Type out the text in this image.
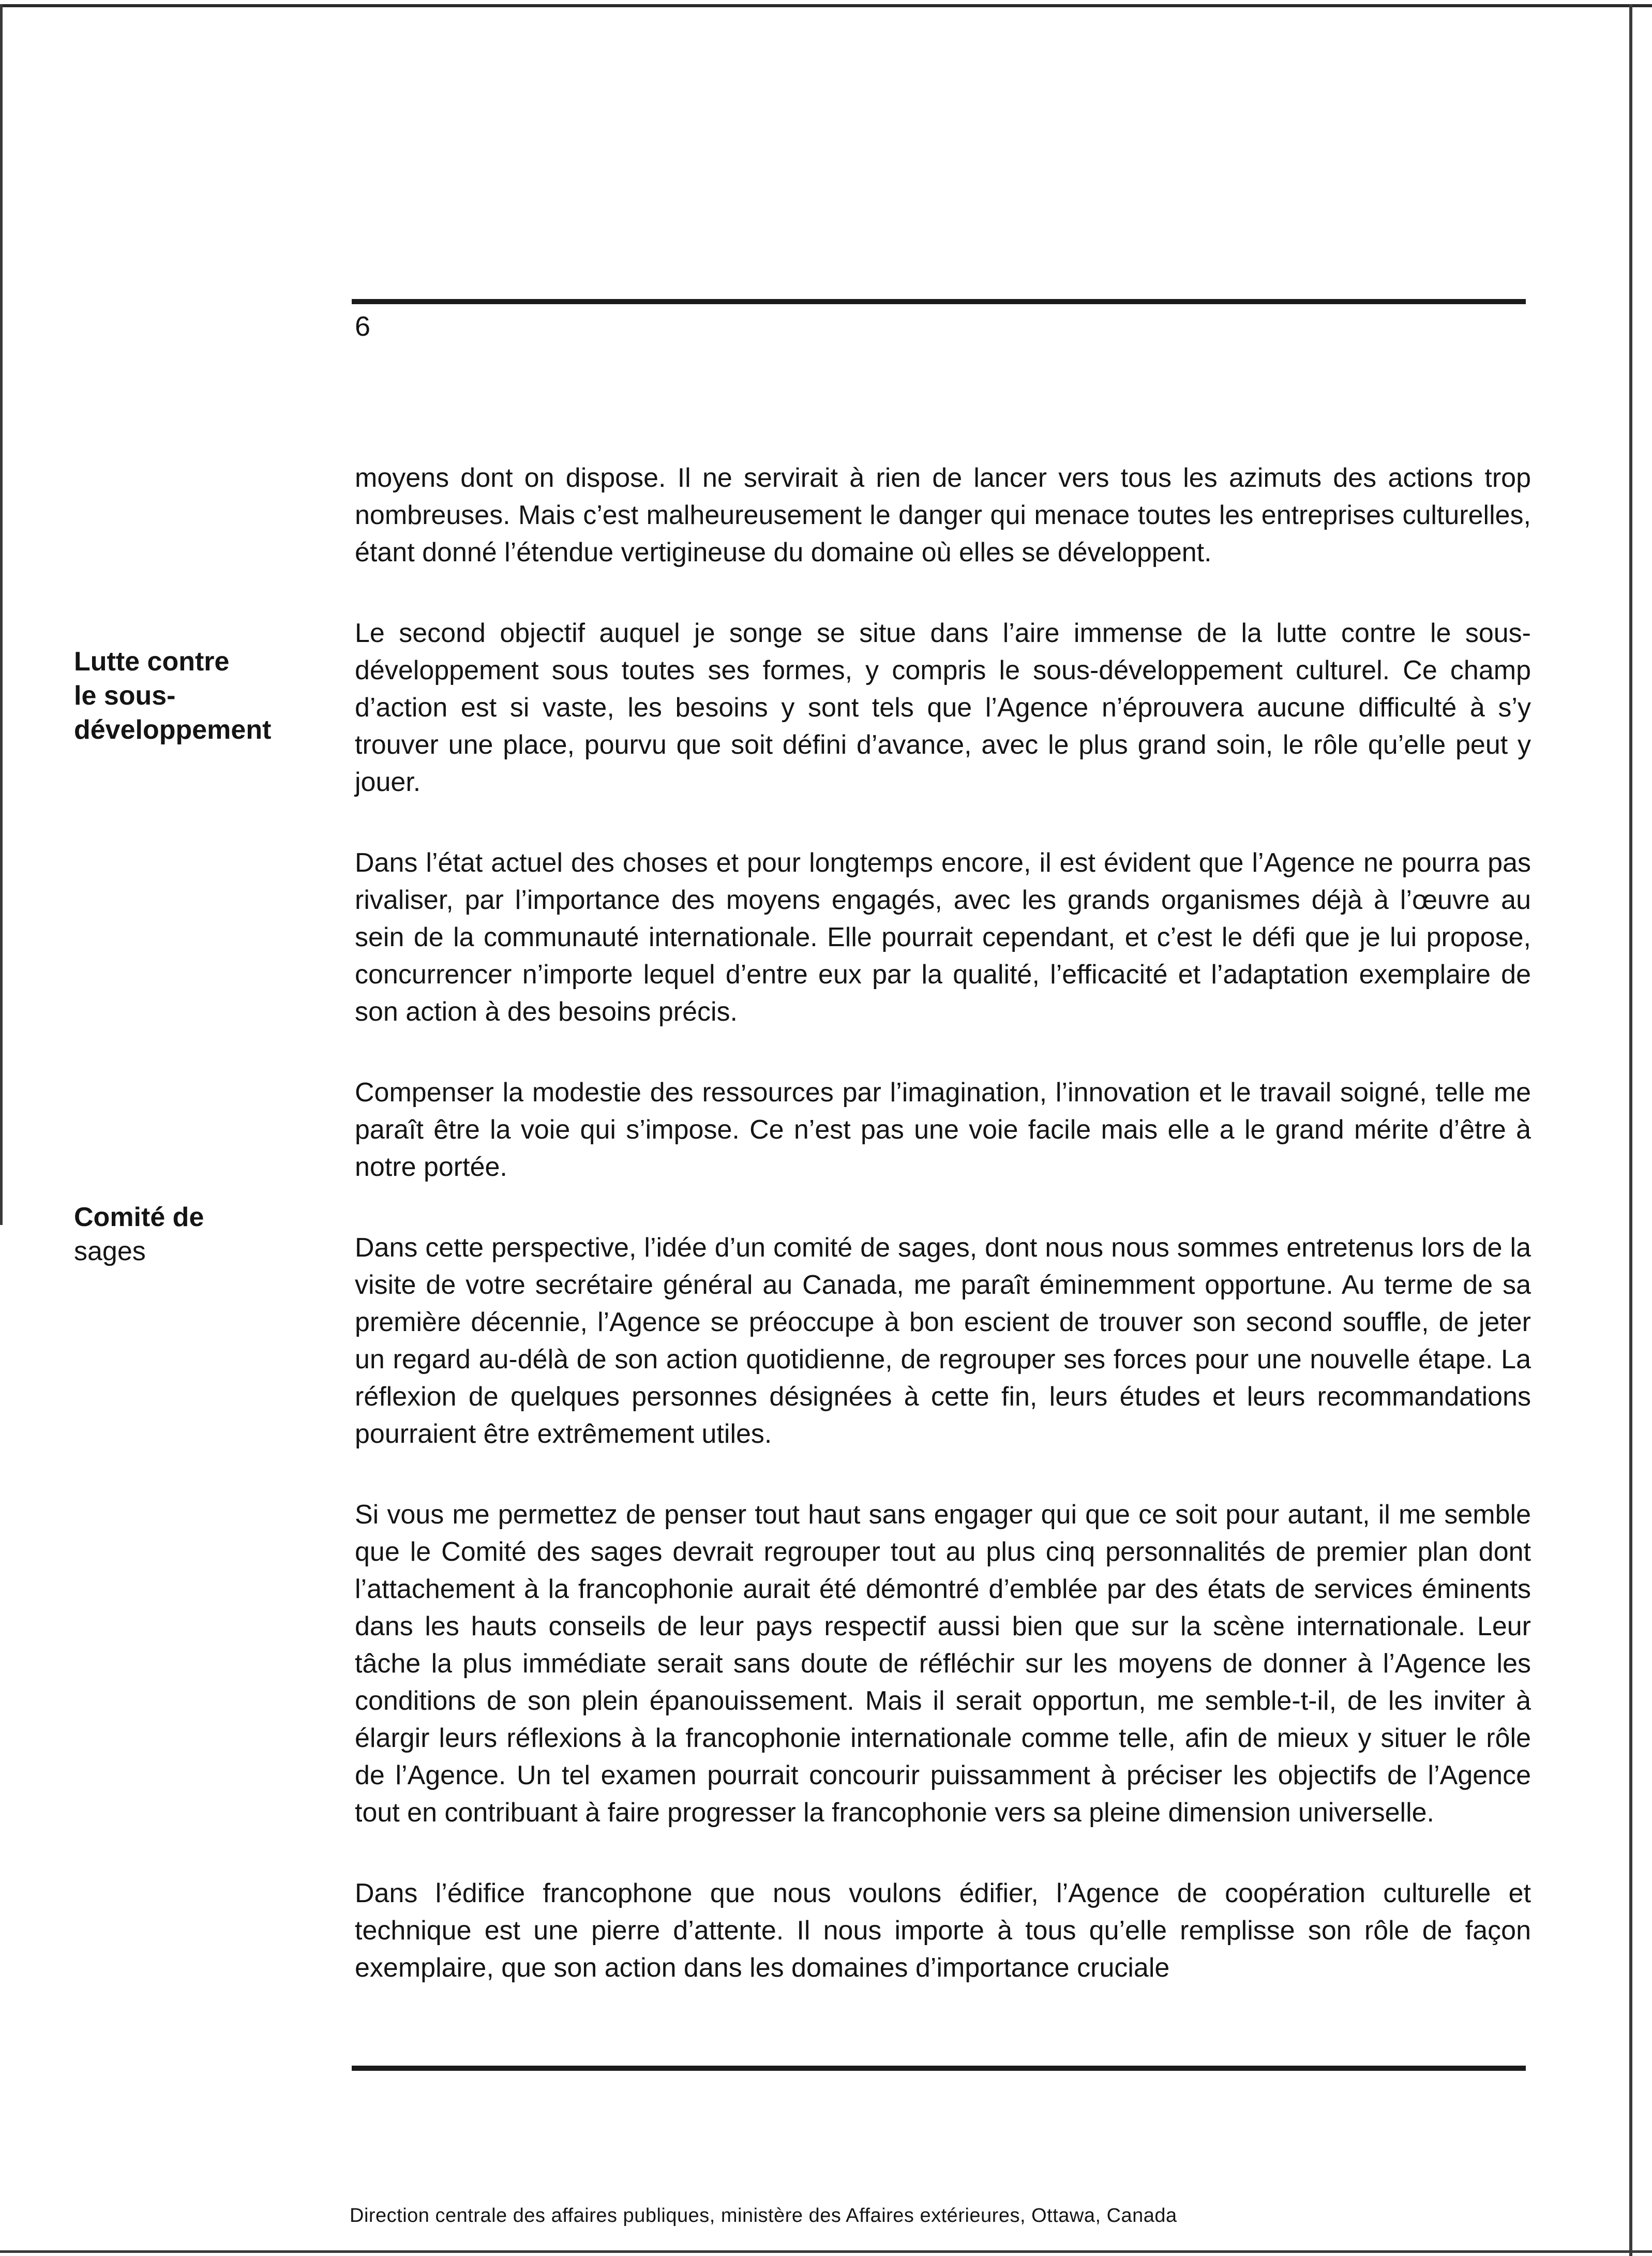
6
Lutte contre
le sous-
développement
Comité de
sages

moyens dont on dispose. Il ne servirait à rien de lancer vers tous les azimuts des actions trop nombreuses. Mais c’est malheureusement le danger qui menace toutes les entreprises culturelles, étant donné l’étendue vertigineuse du domaine où elles se développent.

Le second objectif auquel je songe se situe dans l’aire immense de la lutte contre le sous-développement sous toutes ses formes, y compris le sous-développement culturel. Ce champ d’action est si vaste, les besoins y sont tels que l’Agence n’éprouvera aucune difficulté à s’y trouver une place, pourvu que soit défini d’avance, avec le plus grand soin, le rôle qu’elle peut y jouer.

Dans l’état actuel des choses et pour longtemps encore, il est évident que l’Agence ne pourra pas rivaliser, par l’importance des moyens engagés, avec les grands organismes déjà à l’œuvre au sein de la communauté internationale. Elle pourrait cependant, et c’est le défi que je lui propose, concurrencer n’importe lequel d’entre eux par la qualité, l’efficacité et l’adaptation exemplaire de son action à des besoins précis.

Compenser la modestie des ressources par l’imagination, l’innovation et le travail soigné, telle me paraît être la voie qui s’impose. Ce n’est pas une voie facile mais elle a le grand mérite d’être à notre portée.

Dans cette perspective, l’idée d’un comité de sages, dont nous nous sommes entretenus lors de la visite de votre secrétaire général au Canada, me paraît éminemment opportune. Au terme de sa première décennie, l’Agence se préoccupe à bon escient de trouver son second souffle, de jeter un regard au-délà de son action quotidienne, de regrouper ses forces pour une nouvelle étape. La réflexion de quelques personnes désignées à cette fin, leurs études et leurs recommandations pourraient être extrêmement utiles.

Si vous me permettez de penser tout haut sans engager qui que ce soit pour autant, il me semble que le Comité des sages devrait regrouper tout au plus cinq personnalités de premier plan dont l’attachement à la francophonie aurait été démontré d’emblée par des états de services éminents dans les hauts conseils de leur pays respectif aussi bien que sur la scène internationale. Leur tâche la plus immédiate serait sans doute de réfléchir sur les moyens de donner à l’Agence les conditions de son plein épanouissement. Mais il serait opportun, me semble-t-il, de les inviter à élargir leurs réflexions à la francophonie internationale comme telle, afin de mieux y situer le rôle de l’Agence. Un tel examen pourrait concourir puissamment à préciser les objectifs de l’Agence tout en contribuant à faire progresser la francophonie vers sa pleine dimension universelle.

Dans l’édifice francophone que nous voulons édifier, l’Agence de coopération culturelle et technique est une pierre d’attente. Il nous importe à tous qu’elle remplisse son rôle de façon exemplaire, que son action dans les domaines d’importance cruciale

Direction centrale des affaires publiques, ministère des Affaires extérieures, Ottawa, Canada
